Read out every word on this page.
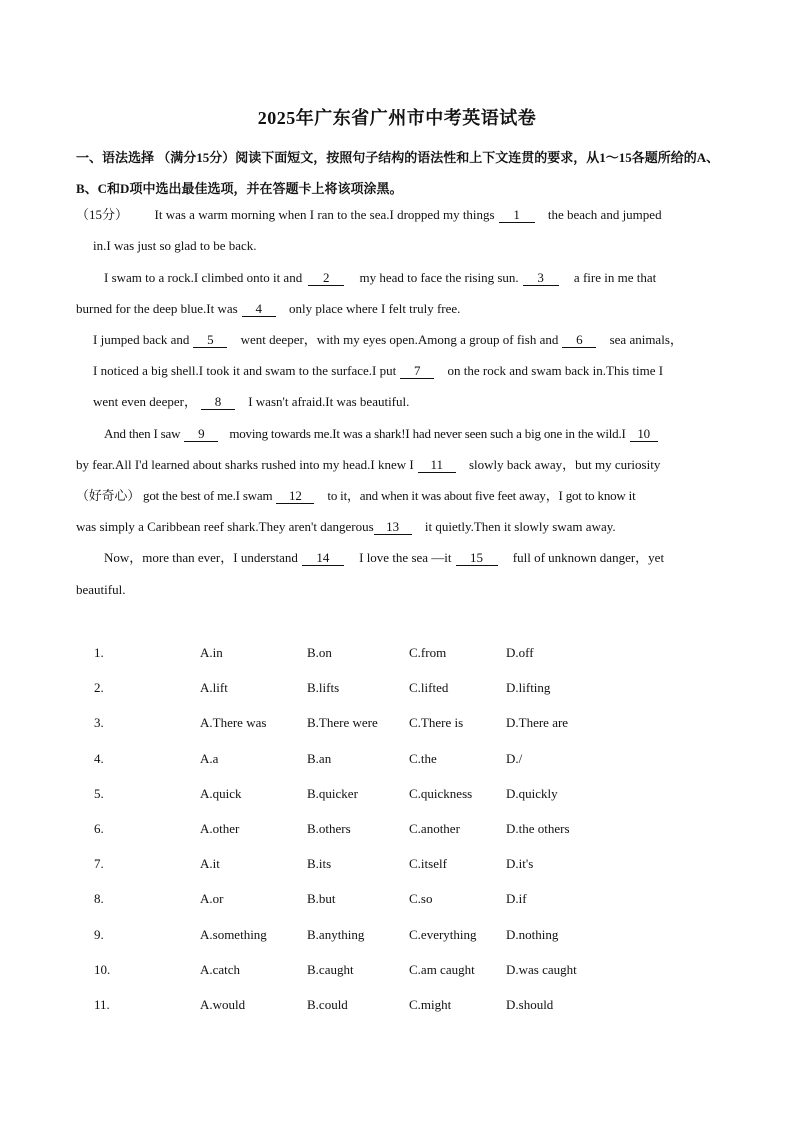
2025年广东省广州市中考英语试卷
一、语法选择 （满分15分）阅读下面短文，按照句子结构的语法性和上下文连贯的要求，从1～15各题所给的A、B、C和D项中选出最佳选项，并在答题卡上将该项涂黑。
（15分） It was a warm morning when I ran to the sea.I dropped my things 1 the beach and jumped
in.I was just so glad to be back.
I swam to a rock.I climbed onto it and 2 my head to face the rising sun. 3 a fire in me that
burned for the deep blue.It was 4 only place where I felt truly free.
I jumped back and 5 went deeper，with my eyes open.Among a group of fish and 6 sea animals，
I noticed a big shell.I took it and swam to the surface.I put 7 on the rock and swam back in.This time I
went even deeper， 8 I wasn't afraid.It was beautiful.
And then I saw 9 moving towards me.It was a shark!I had never seen such a big one in the wild.I 10
by fear.All I'd learned about sharks rushed into my head.I knew I 11 slowly back away，but my curiosity
（好奇心） got the best of me.I swam 12 to it，and when it was about five feet away，I got to know it
was simply a Caribbean reef shark.They aren't dangerous 13 it quietly.Then it slowly swam away.
Now，more than ever，I understand 14 I love the sea —it 15 full of unknown danger，yet
beautiful.
1.	A.in	B.on	C.from	D.off
2.	A.lift	B.lifts	C.lifted	D.lifting
3.	A.There was	B.There were C.There is	D.There are
4.	A.a	B.an	C.the	D./
5.	A.quick	B.quicker	C.quickness	D.quickly
6.	A.other	B.others	C.another	D.the others
7.	A.it	B.its	C.itself	D.it's
8.	A.or	B.but	C.so	D.if
9.	A.something	B.anything	C.everything D.nothing
10.	A.catch	B.caught	C.am caught D.was caught
11.	A.would	B.could	C.might	D.should
